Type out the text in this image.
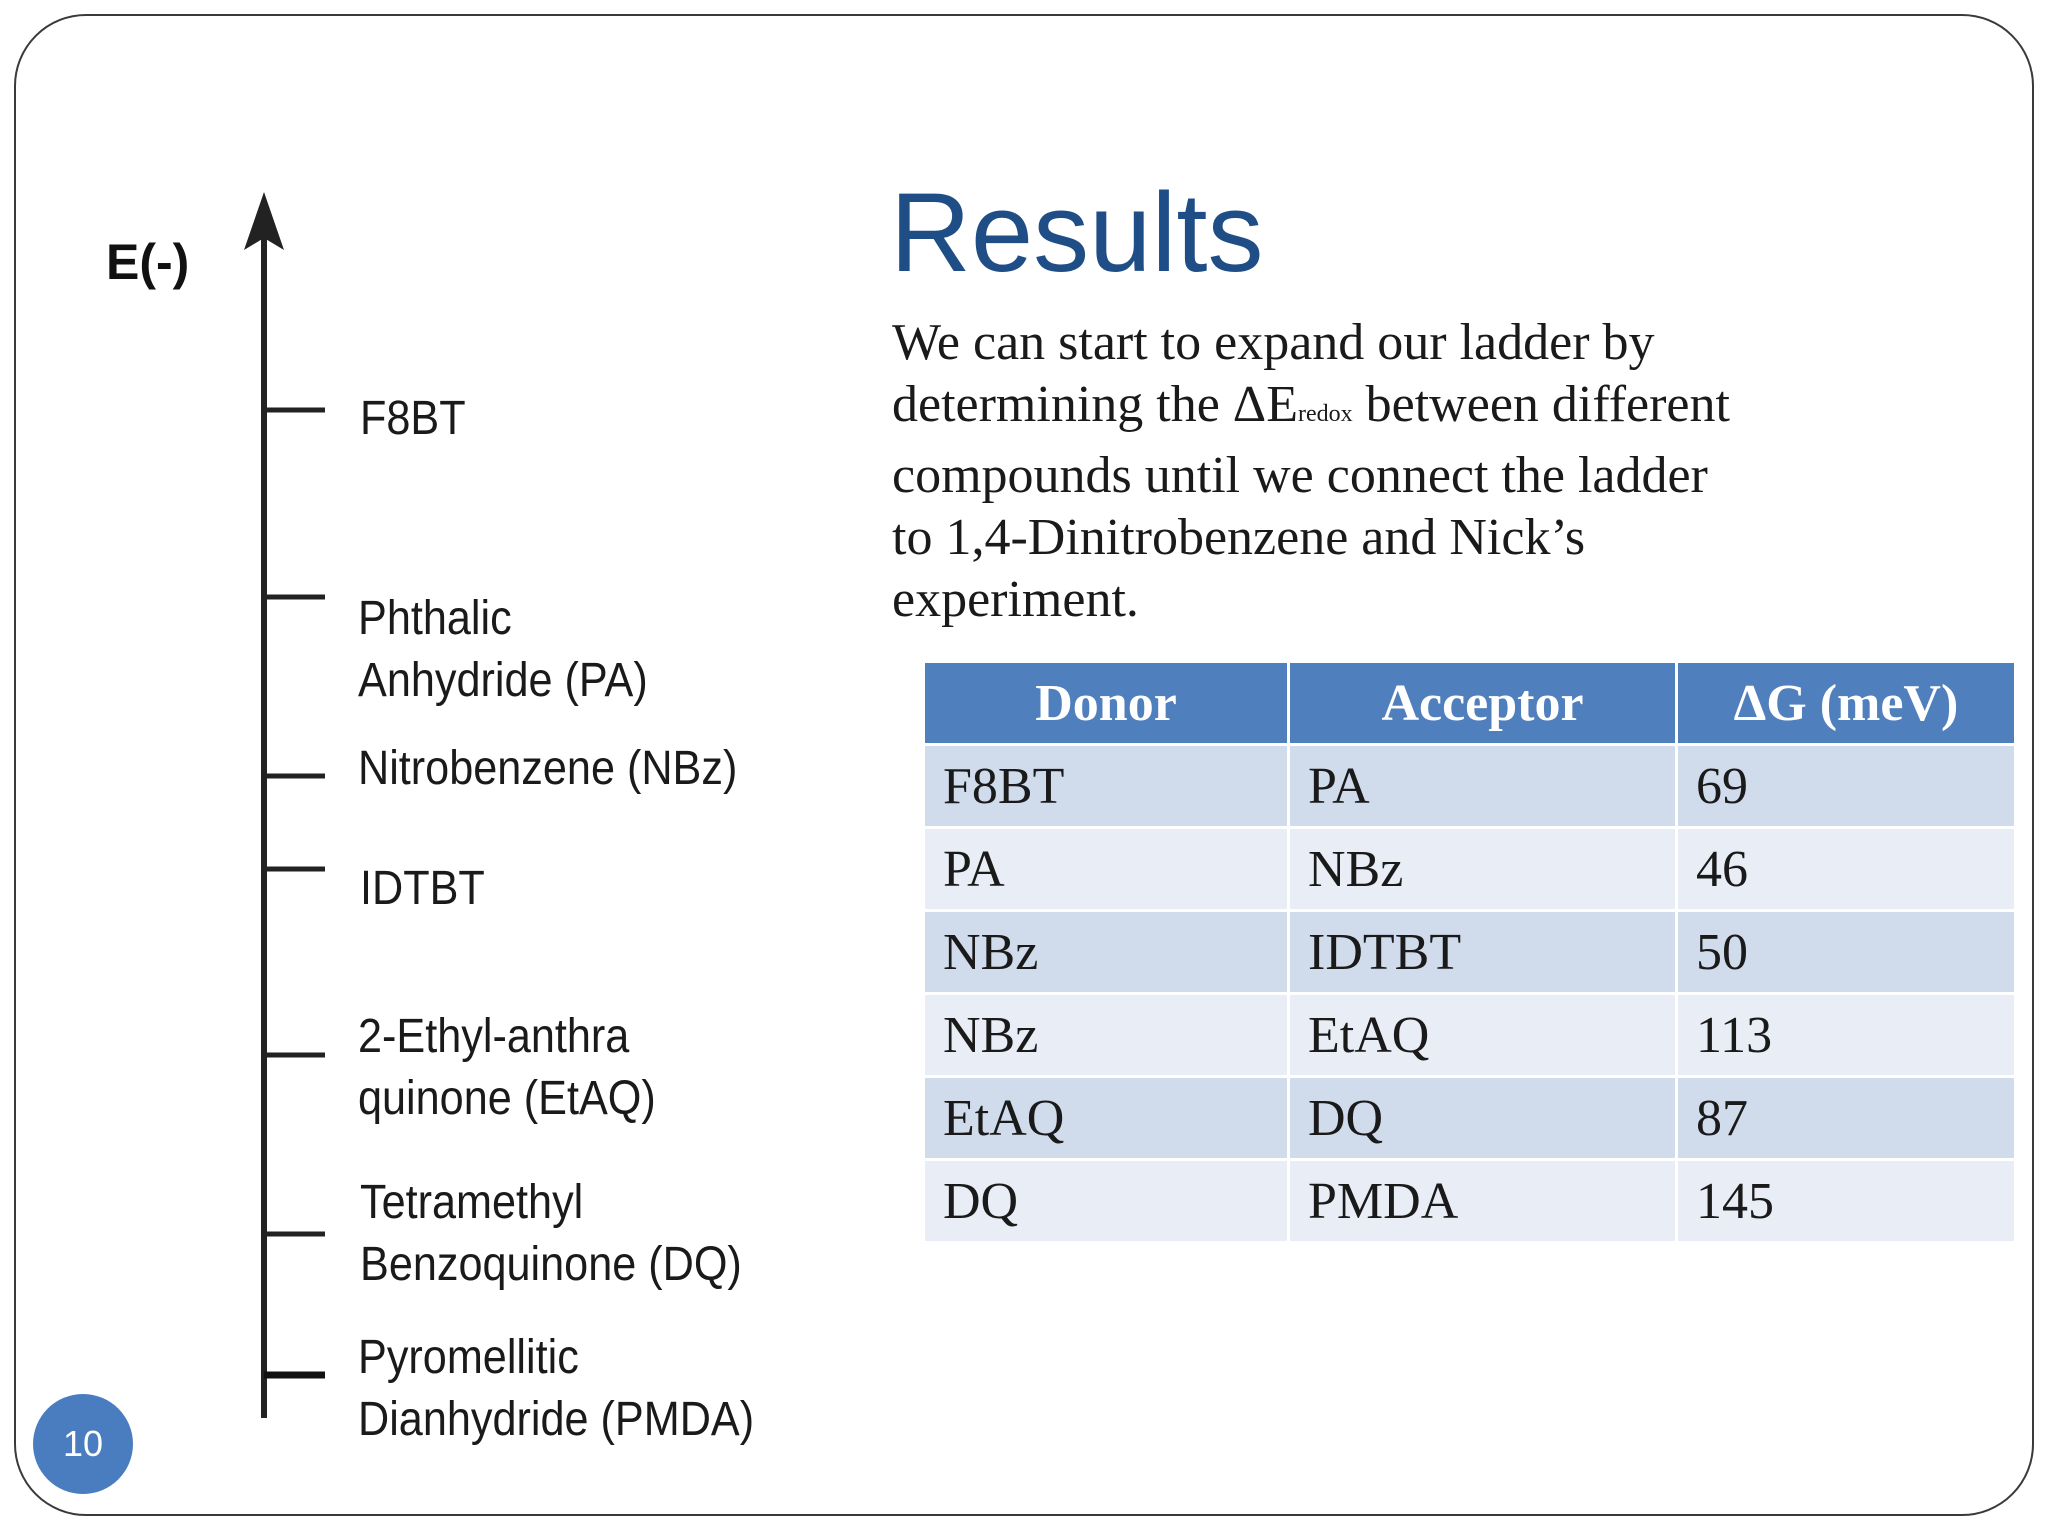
E(-)
F8BT
Phthalic
Anhydride (PA)
Nitrobenzene (NBz)
IDTBT
2-Ethyl-anthra
quinone (EtAQ)
Tetramethyl
Benzoquinone (DQ)
Pyromellitic
Dianhydride (PMDA)
Results
We can start to expand our ladder by
determining the ΔEredox between different
compounds until we connect the ladder
to 1,4-Dinitrobenzene and Nick’s
experiment.
Donor	Acceptor	ΔG (meV)
F8BT	PA	69
PA	NBz	46
NBz	IDTBT	50
NBz	EtAQ	113
EtAQ	DQ	87
DQ	PMDA	145
10
